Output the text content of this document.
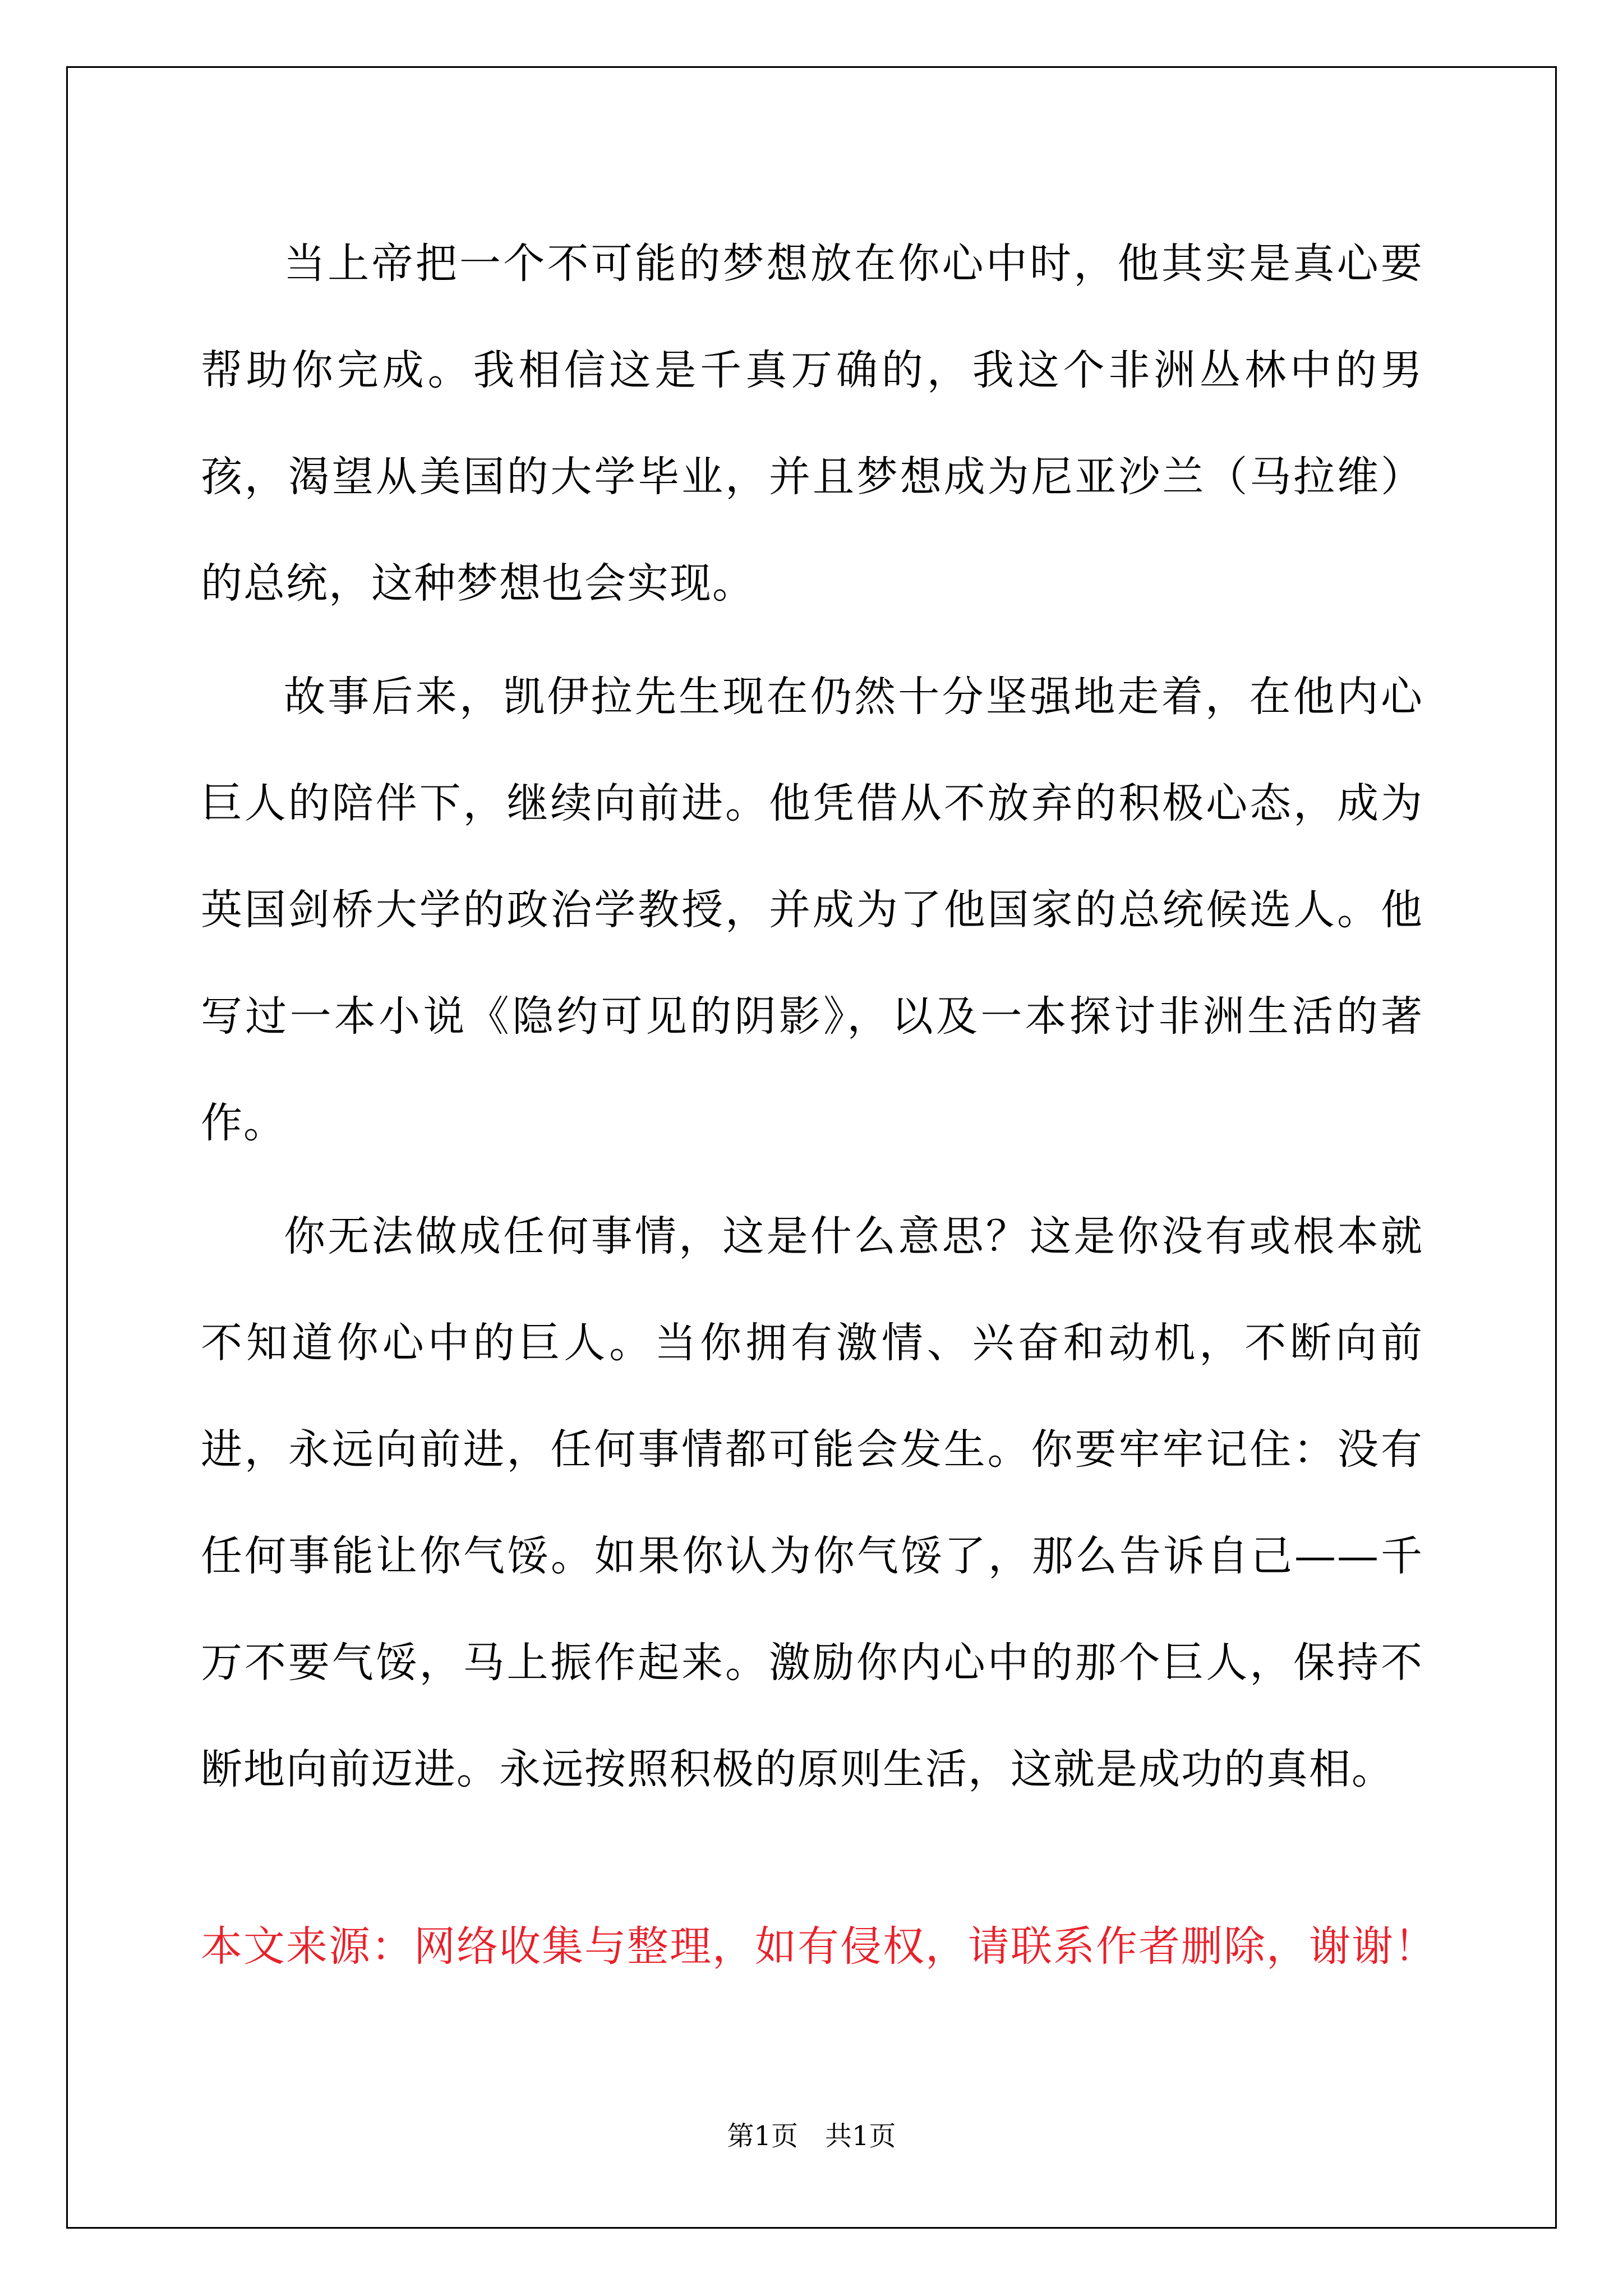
当上帝把一个不可能的梦想放在你心中时，他其实是真心要帮助你完成。我相信这是千真万确的，我这个非洲丛林中的男孩，渴望从美国的大学毕业，并且梦想成为尼亚沙兰（马拉维）的总统，这种梦想也会实现。

故事后来，凯伊拉先生现在仍然十分坚强地走着，在他内心巨人的陪伴下，继续向前进。他凭借从不放弃的积极心态，成为英国剑桥大学的政治学教授，并成为了他国家的总统候选人。他写过一本小说《隐约可见的阴影》，以及一本探讨非洲生活的著作。

你无法做成任何事情，这是什么意思？这是你没有或根本就不知道你心中的巨人。当你拥有激情、兴奋和动机，不断向前进，永远向前进，任何事情都可能会发生。你要牢牢记住：没有任何事能让你气馁。如果你认为你气馁了，那么告诉自己——千万不要气馁，马上振作起来。激励你内心中的那个巨人，保持不断地向前迈进。永远按照积极的原则生活，这就是成功的真相。

本文来源：网络收集与整理，如有侵权，请联系作者删除，谢谢！
第1页 共1页
